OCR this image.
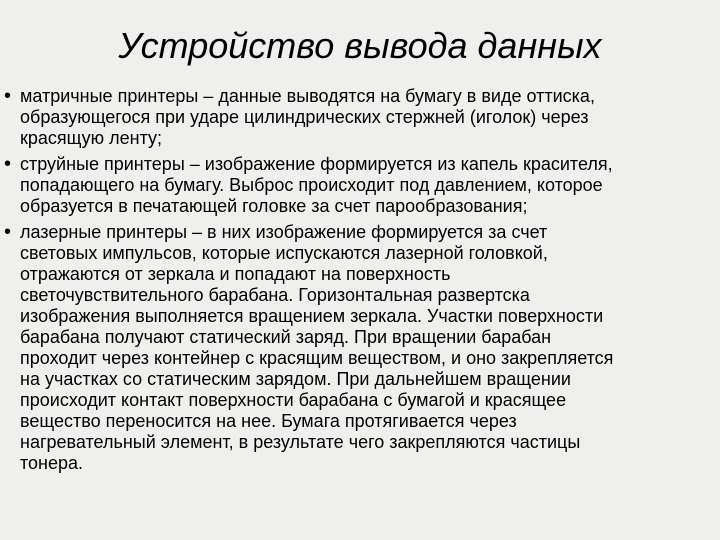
Устройство вывода данных
• матричные принтеры – данные выводятся на бумагу в виде оттиска,
образующегося при ударе цилиндрических стержней (иголок) через
красящую ленту;
• струйные принтеры – изображение формируется из капель красителя,
попадающего на бумагу. Выброс происходит под давлением, которое
образуется в печатающей головке за счет парообразования;
• лазерные принтеры – в них изображение формируется за счет
световых импульсов, которые испускаются лазерной головкой,
отражаются от зеркала и попадают на поверхность
светочувствительного барабана. Горизонтальная развертска
изображения выполняется вращением зеркала. Участки поверхности
барабана получают статический заряд. При вращении барабан
проходит через контейнер с красящим веществом, и оно закрепляется
на участках со статическим зарядом. При дальнейшем вращении
происходит контакт поверхности барабана с бумагой и красящее
вещество переносится на нее. Бумага протягивается через
нагревательный элемент, в результате чего закрепляются частицы
тонера.
